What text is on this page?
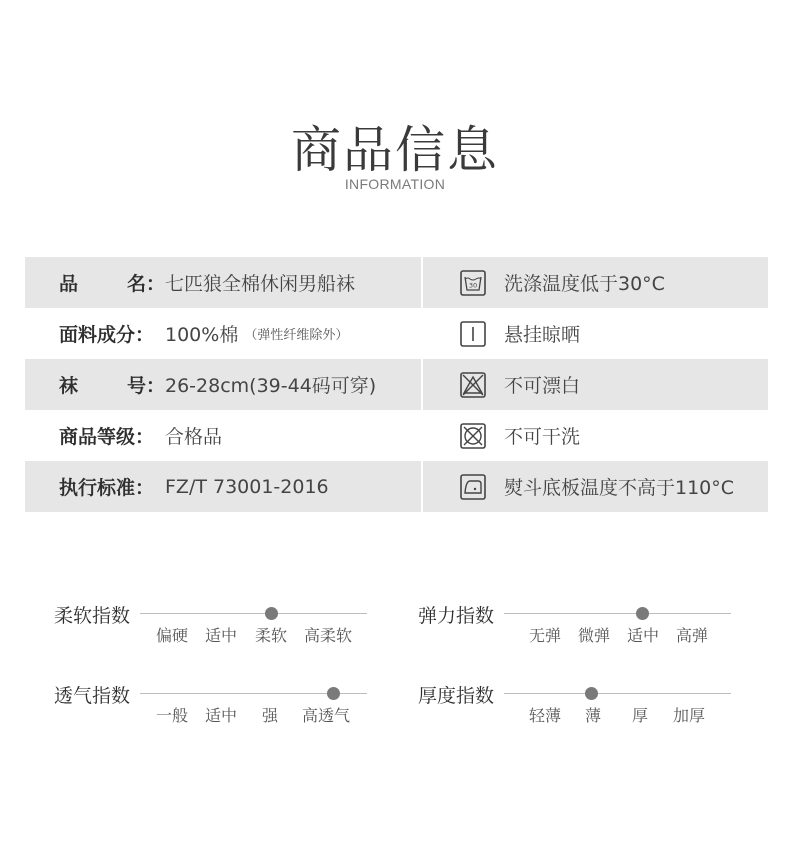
商品信息
INFORMATION
品	名： 七匹狼全棉休闲男船袜	30 洗涤温度低于30°C
面料成分： 100%棉 （弹性纤维除外）	悬挂晾晒
袜	号： 26-28cm(39-44码可穿)	不可漂白
商品等级： 合格品	不可干洗
执行标准： FZ/T 73001-2016	熨斗底板温度不高于110°C
柔软指数
偏硬 适中 柔软 高柔软
弹力指数
无弹 微弹 适中 高弹
透气指数
一般 适中 强 高透气
厚度指数
轻薄 薄 厚 加厚
